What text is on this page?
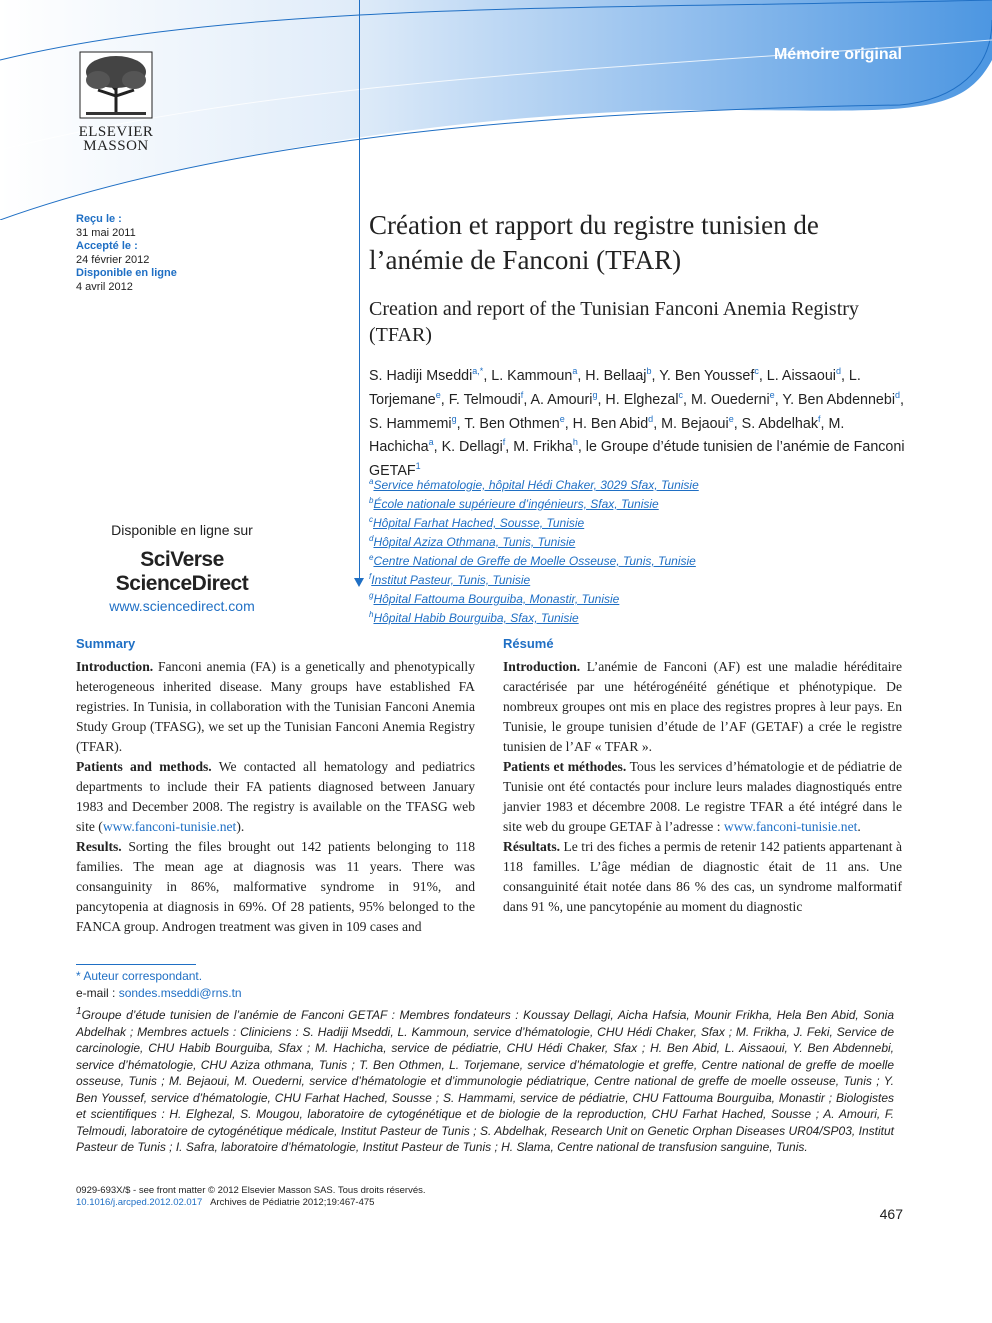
Mémoire original
ELSEVIER
MASSON
Reçu le :
31 mai 2011
Accepté le :
24 février 2012
Disponible en ligne
4 avril 2012
Création et rapport du registre tunisien de l’anémie de Fanconi (TFAR)
Creation and report of the Tunisian Fanconi Anemia Registry (TFAR)
S. Hadiji Mseddi$^{a,*}$, L. Kammoun$^a$, H. Bellaaj$^b$, Y. Ben Youssef$^c$, L. Aissaoui$^d$, L. Torjemane$^e$, F. Telmoudi$^f$, A. Amouri$^g$, H. Elghezal$^c$, M. Ouederni$^e$, Y. Ben Abdennebi$^d$, S. Hammemi$^g$, T. Ben Othmen$^e$, H. Ben Abid$^d$, M. Bejaoui$^e$, S. Abdelhak$^f$, M. Hachicha$^a$, K. Dellagi$^f$, M. Frikha$^h$, le Groupe d’étude tunisien de l’anémie de Fanconi GETAF$^1$
$^a$Service hématologie, hôpital Hédi Chaker, 3029 Sfax, Tunisie
$^b$École nationale supérieure d’ingénieurs, Sfax, Tunisie
$^c$Hôpital Farhat Hached, Sousse, Tunisie
$^d$Hôpital Aziza Othmana, Tunis, Tunisie
$^e$Centre National de Greffe de Moelle Osseuse, Tunis, Tunisie
$^f$Institut Pasteur, Tunis, Tunisie
$^g$Hôpital Fattouma Bourguiba, Monastir, Tunisie
$^h$Hôpital Habib Bourguiba, Sfax, Tunisie
Disponible en ligne sur
SciVerse ScienceDirect
www.sciencedirect.com
Summary

Introduction. Fanconi anemia (FA) is a genetically and phenotypically heterogeneous inherited disease. Many groups have established FA registries. In Tunisia, in collaboration with the Tunisian Fanconi Anemia Study Group (TFASG), we set up the Tunisian Fanconi Anemia Registry (TFAR).

Patients and methods. We contacted all hematology and pediatrics departments to include their FA patients diagnosed between January 1983 and December 2008. The registry is available on the TFASG web site (www.fanconi-tunisie.net).

Results. Sorting the files brought out 142 patients belonging to 118 families. The mean age at diagnosis was 11 years. There was consanguinity in 86%, malformative syndrome in 91%, and pancytopenia at diagnosis in 69%. Of 28 patients, 95% belonged to the FANCA group. Androgen treatment was given in 109 cases and

Résumé

Introduction. L’anémie de Fanconi (AF) est une maladie héréditaire caractérisée par une hétérogénéité génétique et phénotypique. De nombreux groupes ont mis en place des registres propres à leur pays. En Tunisie, le groupe tunisien d’étude de l’AF (GETAF) a crée le registre tunisien de l’AF « TFAR ».

Patients et méthodes. Tous les services d’hématologie et de pédiatrie de Tunisie ont été contactés pour inclure leurs malades diagnostiqués entre janvier 1983 et décembre 2008. Le registre TFAR a été intégré dans le site web du groupe GETAF à l’adresse : www.fanconi-tunisie.net.

Résultats. Le tri des fiches a permis de retenir 142 patients appartenant à 118 familles. L’âge médian de diagnostic était de 11 ans. Une consanguinité était notée dans 86 % des cas, un syndrome malformatif dans 91 %, une pancytopénie au moment du diagnostic

* Auteur correspondant.
e-mail : sondes.mseddi@rns.tn
$^1$Groupe d’étude tunisien de l’anémie de Fanconi GETAF : Membres fondateurs : Koussay Dellagi, Aicha Hafsia, Mounir Frikha, Hela Ben Abid, Sonia Abdelhak ; Membres actuels : Cliniciens : S. Hadiji Mseddi, L. Kammoun, service d’hématologie, CHU Hédi Chaker, Sfax ; M. Frikha, J. Feki, Service de carcinologie, CHU Habib Bourguiba, Sfax ; M. Hachicha, service de pédiatrie, CHU Hédi Chaker, Sfax ; H. Ben Abid, L. Aissaoui, Y. Ben Abdennebi, service d’hématologie, CHU Aziza othmana, Tunis ; T. Ben Othmen, L. Torjemane, service d’hématologie et greffe, Centre national de greffe de moelle osseuse, Tunis ; M. Bejaoui, M. Ouederni, service d’hématologie et d’immunologie pédiatrique, Centre national de greffe de moelle osseuse, Tunis ; Y. Ben Youssef, service d’hématologie, CHU Farhat Hached, Sousse ; S. Hammami, service de pédiatrie, CHU Fattouma Bourguiba, Monastir ; Biologistes et scientifiques : H. Elghezal, S. Mougou, laboratoire de cytogénétique et de biologie de la reproduction, CHU Farhat Hached, Sousse ; A. Amouri, F. Telmoudi, laboratoire de cytogénétique médicale, Institut Pasteur de Tunis ; S. Abdelhak, Research Unit on Genetic Orphan Diseases UR04/SP03, Institut Pasteur de Tunis ; I. Safra, laboratoire d’hématologie, Institut Pasteur de Tunis ; H. Slama, Centre national de transfusion sanguine, Tunis.
0929-693X/$ - see front matter © 2012 Elsevier Masson SAS. Tous droits réservés.
10.1016/j.arcped.2012.02.017 Archives de Pédiatrie 2012;19:467-475
467
